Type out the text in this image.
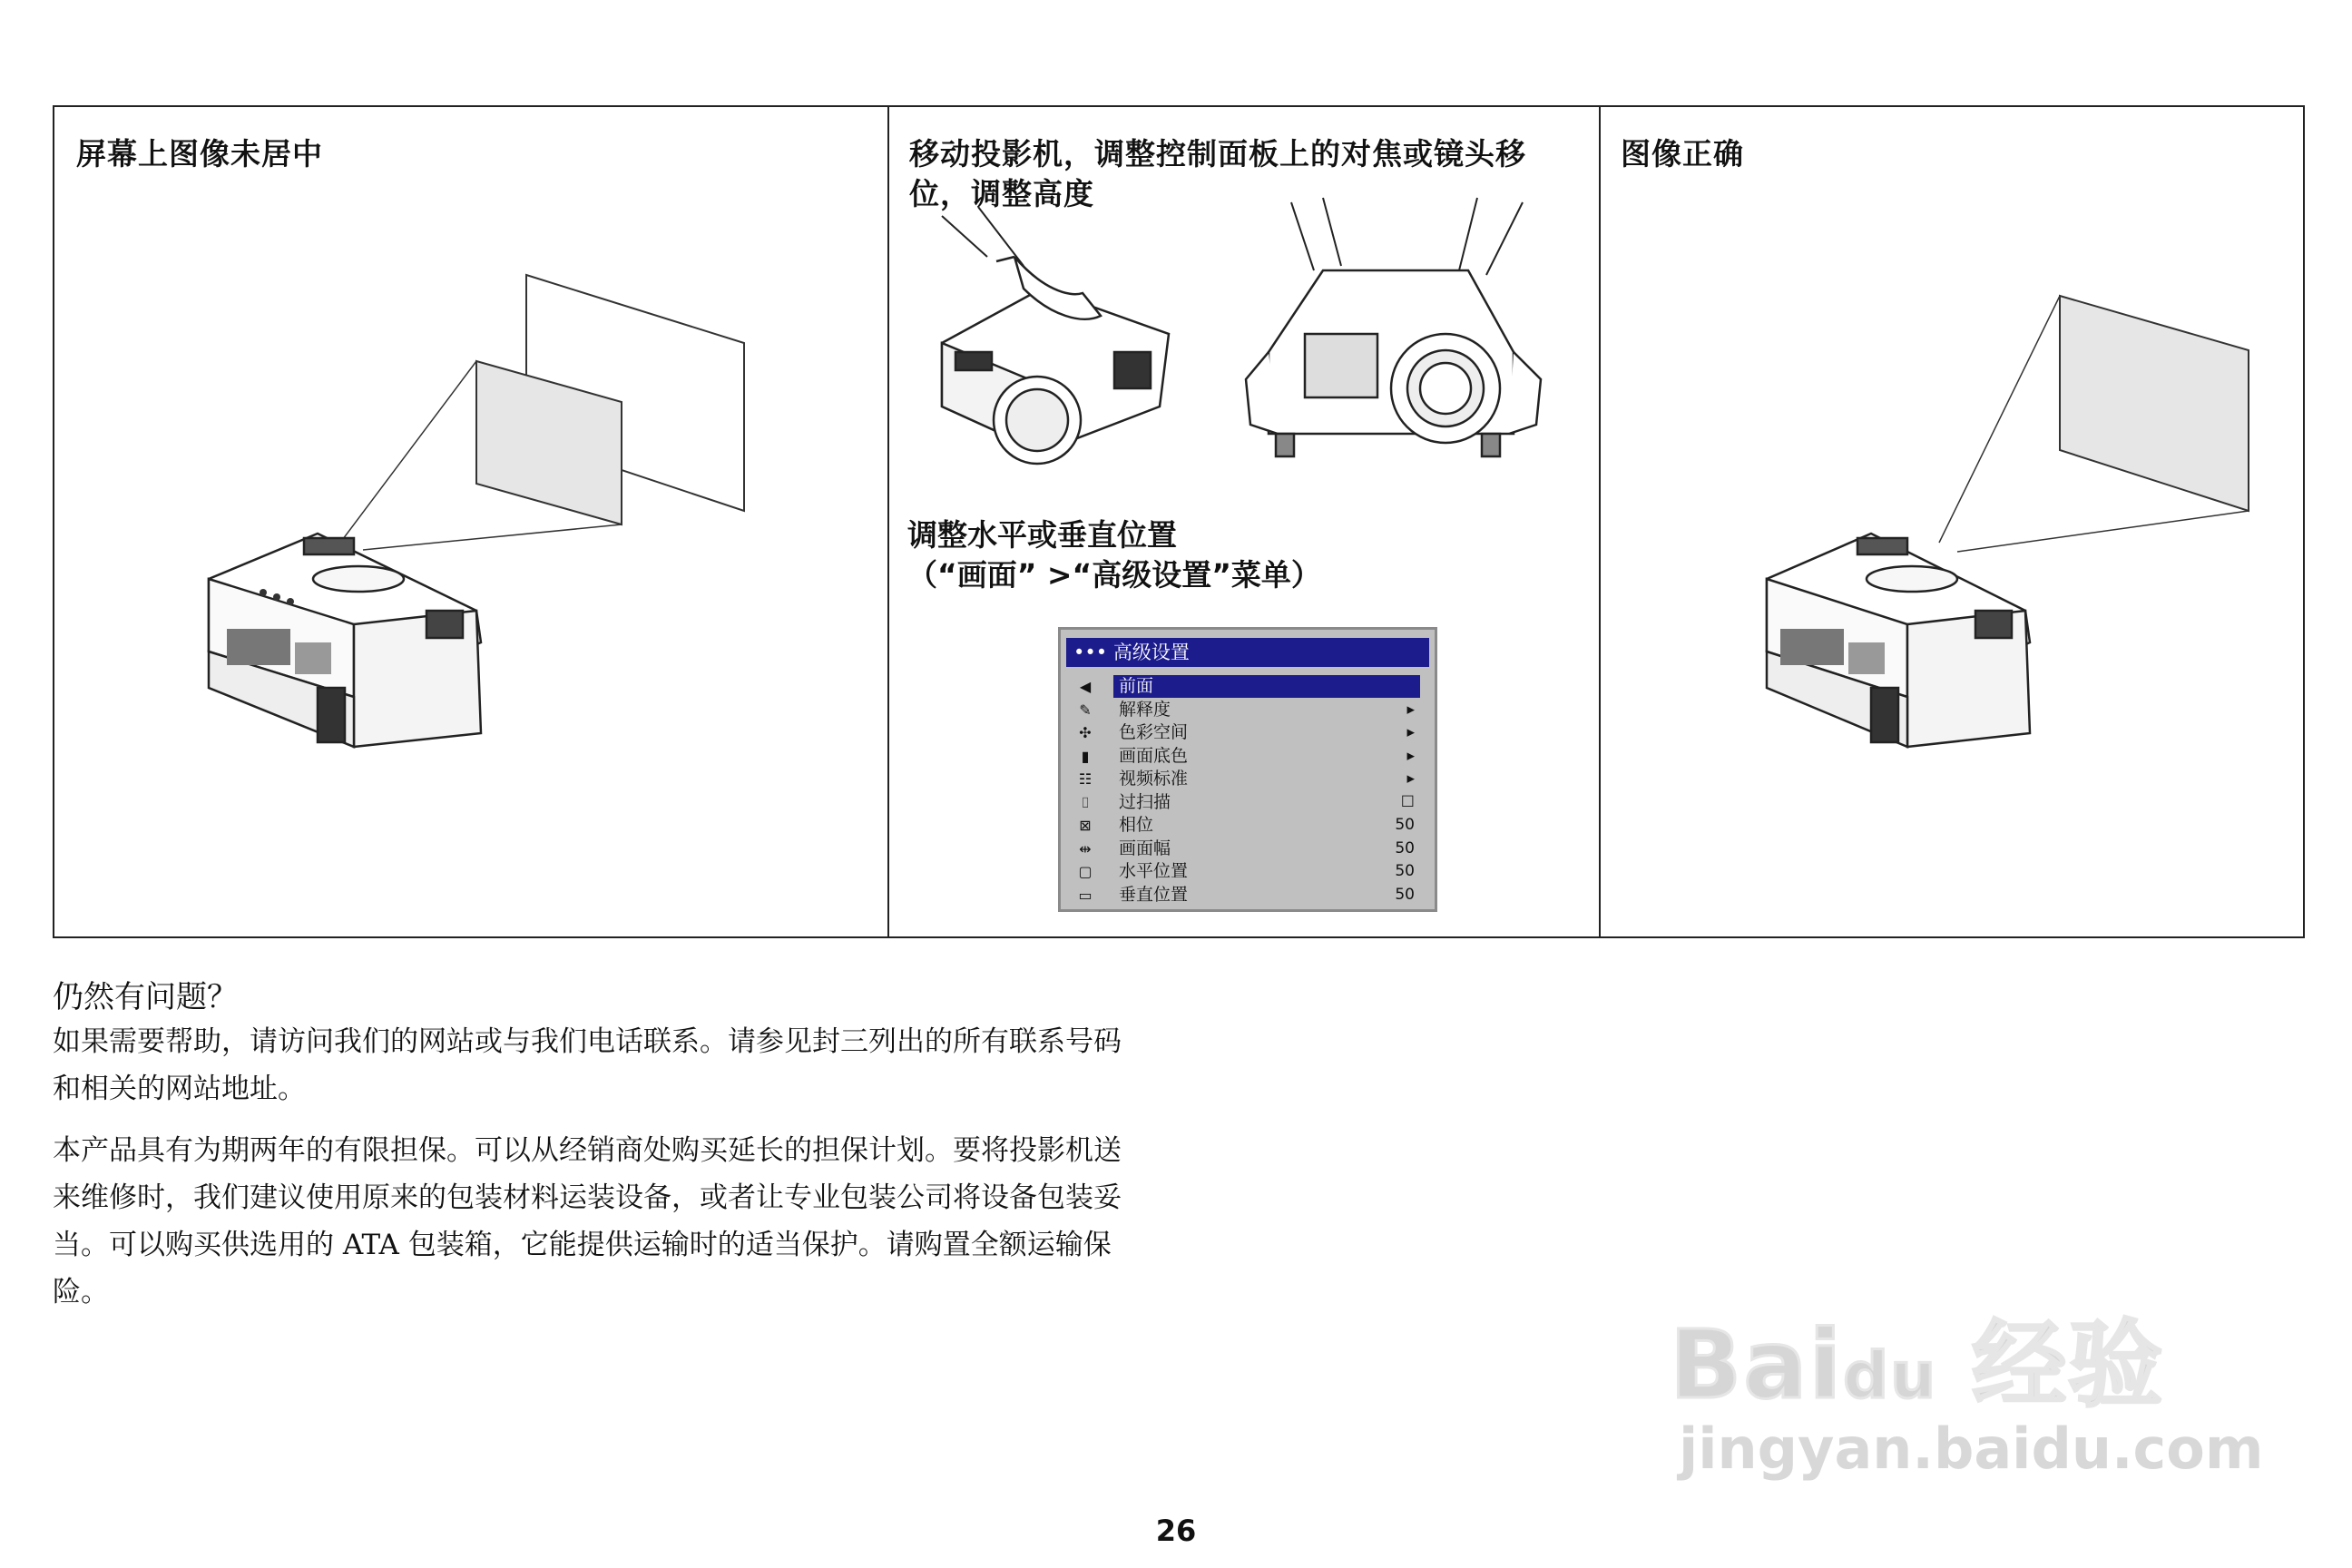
屏幕上图像未居中	移动投影机，调整控制面板上的对焦或镜头移位，调整高度
调整水平或垂直位置
（“画面” >“高级设置”菜单）
图像正确
••• 高级设置
◀	前面
✎	解释度	▸
✣	色彩空间	▸
▮	画面底色	▸
☷	视频标准	▸
⌷	过扫描	☐
⊠	相位	50
⇹	画面幅	50
▢ 水平位置	50
▭ 垂直位置	50
仍然有问题？

如果需要帮助，请访问我们的网站或与我们电话联系。请参见封三列出的所有联系号码和相关的网站地址。

本产品具有为期两年的有限担保。可以从经销商处购买延长的担保计划。要将投影机送来维修时，我们建议使用原来的包装材料运装设备，或者让专业包装公司将设备包装妥当。可以购买供选用的 ATA 包装箱，它能提供运输时的适当保护。请购置全额运输保险。

Baidu 经验
jingyan.baidu.com
26
